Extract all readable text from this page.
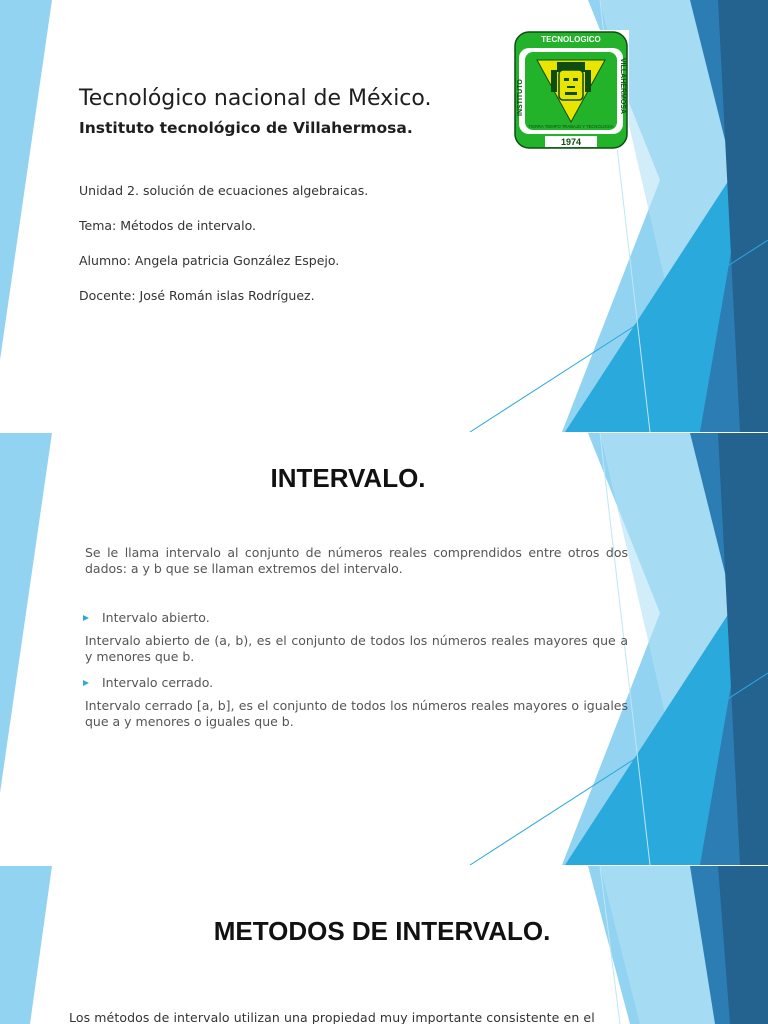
Tecnológico nacional de México.

Instituto tecnológico de Villahermosa.

Unidad 2. solución de ecuaciones algebraicas.

Tema: Métodos de intervalo.

Alumno: Angela patricia González Espejo.

Docente: José Román islas Rodríguez.

TECNOLOGICO
INSTITUTO	VILLAHERMOSA
TIERRA TIEMPO TRABAJO Y TECNOLOGIA
1974
INTERVALO.
Se le llama intervalo al conjunto de números reales comprendidos entre otros dos dados: a y b que se llaman extremos del intervalo.
Intervalo abierto.
Intervalo abierto de (a, b), es el conjunto de todos los números reales mayores que a y menores que b.
Intervalo cerrado.
Intervalo cerrado [a, b], es el conjunto de todos los números reales mayores o iguales que a y menores o iguales que b.
METODOS DE INTERVALO.
Los métodos de intervalo utilizan una propiedad muy importante consistente en el
